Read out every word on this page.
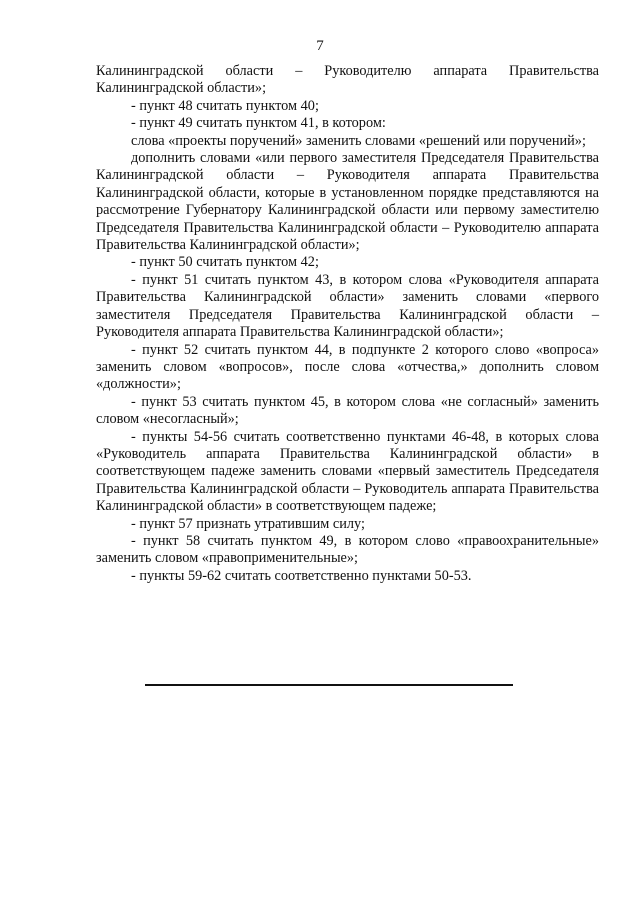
7

Калининградской области – Руководителю аппарата Правительства Калининградской области»;

- пункт 48 считать пунктом 40;

- пункт 49 считать пунктом 41, в котором:

слова «проекты поручений» заменить словами «решений или поручений»;

дополнить словами «или первого заместителя Председателя Правительства Калининградской области – Руководителя аппарата Правительства Калининградской области, которые в установленном порядке представляются на рассмотрение Губернатору Калининградской области или первому заместителю Председателя Правительства Калининградской области – Руководителю аппарата Правительства Калининградской области»;

- пункт 50 считать пунктом 42;

- пункт 51 считать пунктом 43, в котором слова «Руководителя аппарата Правительства Калининградской области» заменить словами «первого заместителя Председателя Правительства Калининградской области – Руководителя аппарата Правительства Калининградской области»;

- пункт 52 считать пунктом 44, в подпункте 2 которого слово «вопроса» заменить словом «вопросов», после слова «отчества,» дополнить словом «должности»;

- пункт 53 считать пунктом 45, в котором слова «не согласный» заменить словом «несогласный»;

- пункты 54-56 считать соответственно пунктами 46-48, в которых слова «Руководитель аппарата Правительства Калининградской области» в соответствующем падеже заменить словами «первый заместитель Председателя Правительства Калининградской области – Руководитель аппарата Правительства Калининградской области» в соответствующем падеже;

- пункт 57 признать утратившим силу;

- пункт 58 считать пунктом 49, в котором слово «правоохранительные» заменить словом «правоприменительные»;

- пункты 59-62 считать соответственно пунктами 50-53.
